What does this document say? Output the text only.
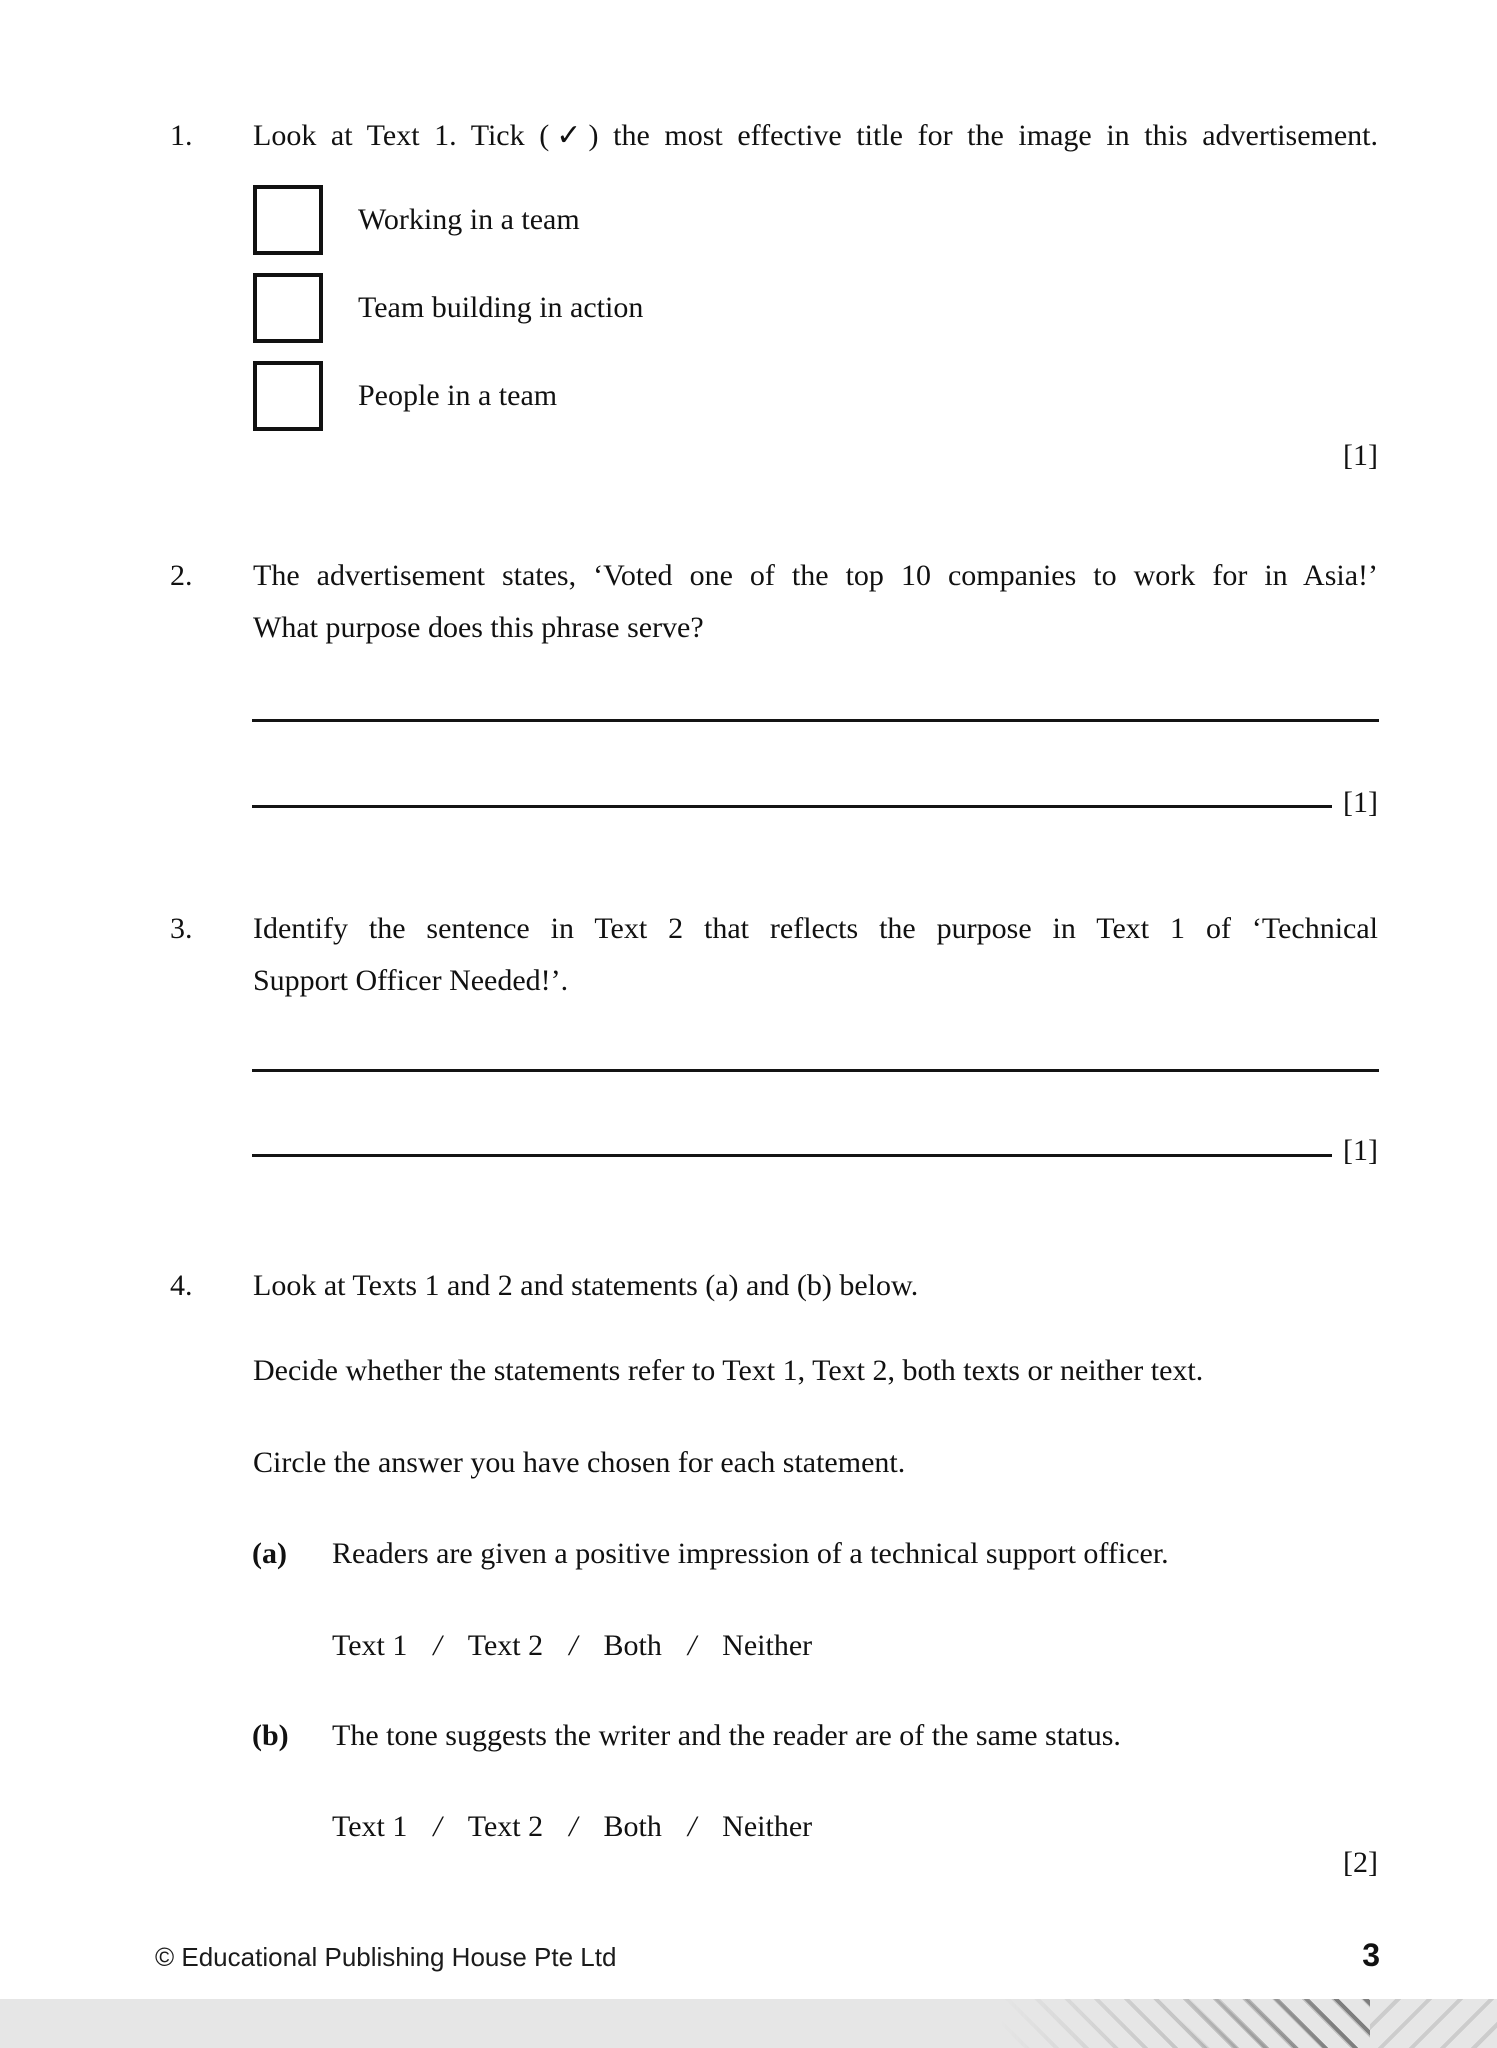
1. Look at Text 1. Tick (✓) the most effective title for the image in this advertisement.
Working in a team
Team building in action
People in a team
[1]
2. The advertisement states, ‘Voted one of the top 10 companies to work for in Asia!’
What purpose does this phrase serve?
[1]
3. Identify the sentence in Text 2 that reflects the purpose in Text 1 of ‘Technical
Support Officer Needed!’.
[1]
4. Look at Texts 1 and 2 and statements (a) and (b) below.
Decide whether the statements refer to Text 1, Text 2, both texts or neither text.
Circle the answer you have chosen for each statement.
(a)	Readers are given a positive impression of a technical support officer.
Text 1 / Text 2 / Both / Neither
(b)	The tone suggests the writer and the reader are of the same status.
Text 1 / Text 2 / Both / Neither
[2]
© Educational Publishing House Pte Ltd	3
